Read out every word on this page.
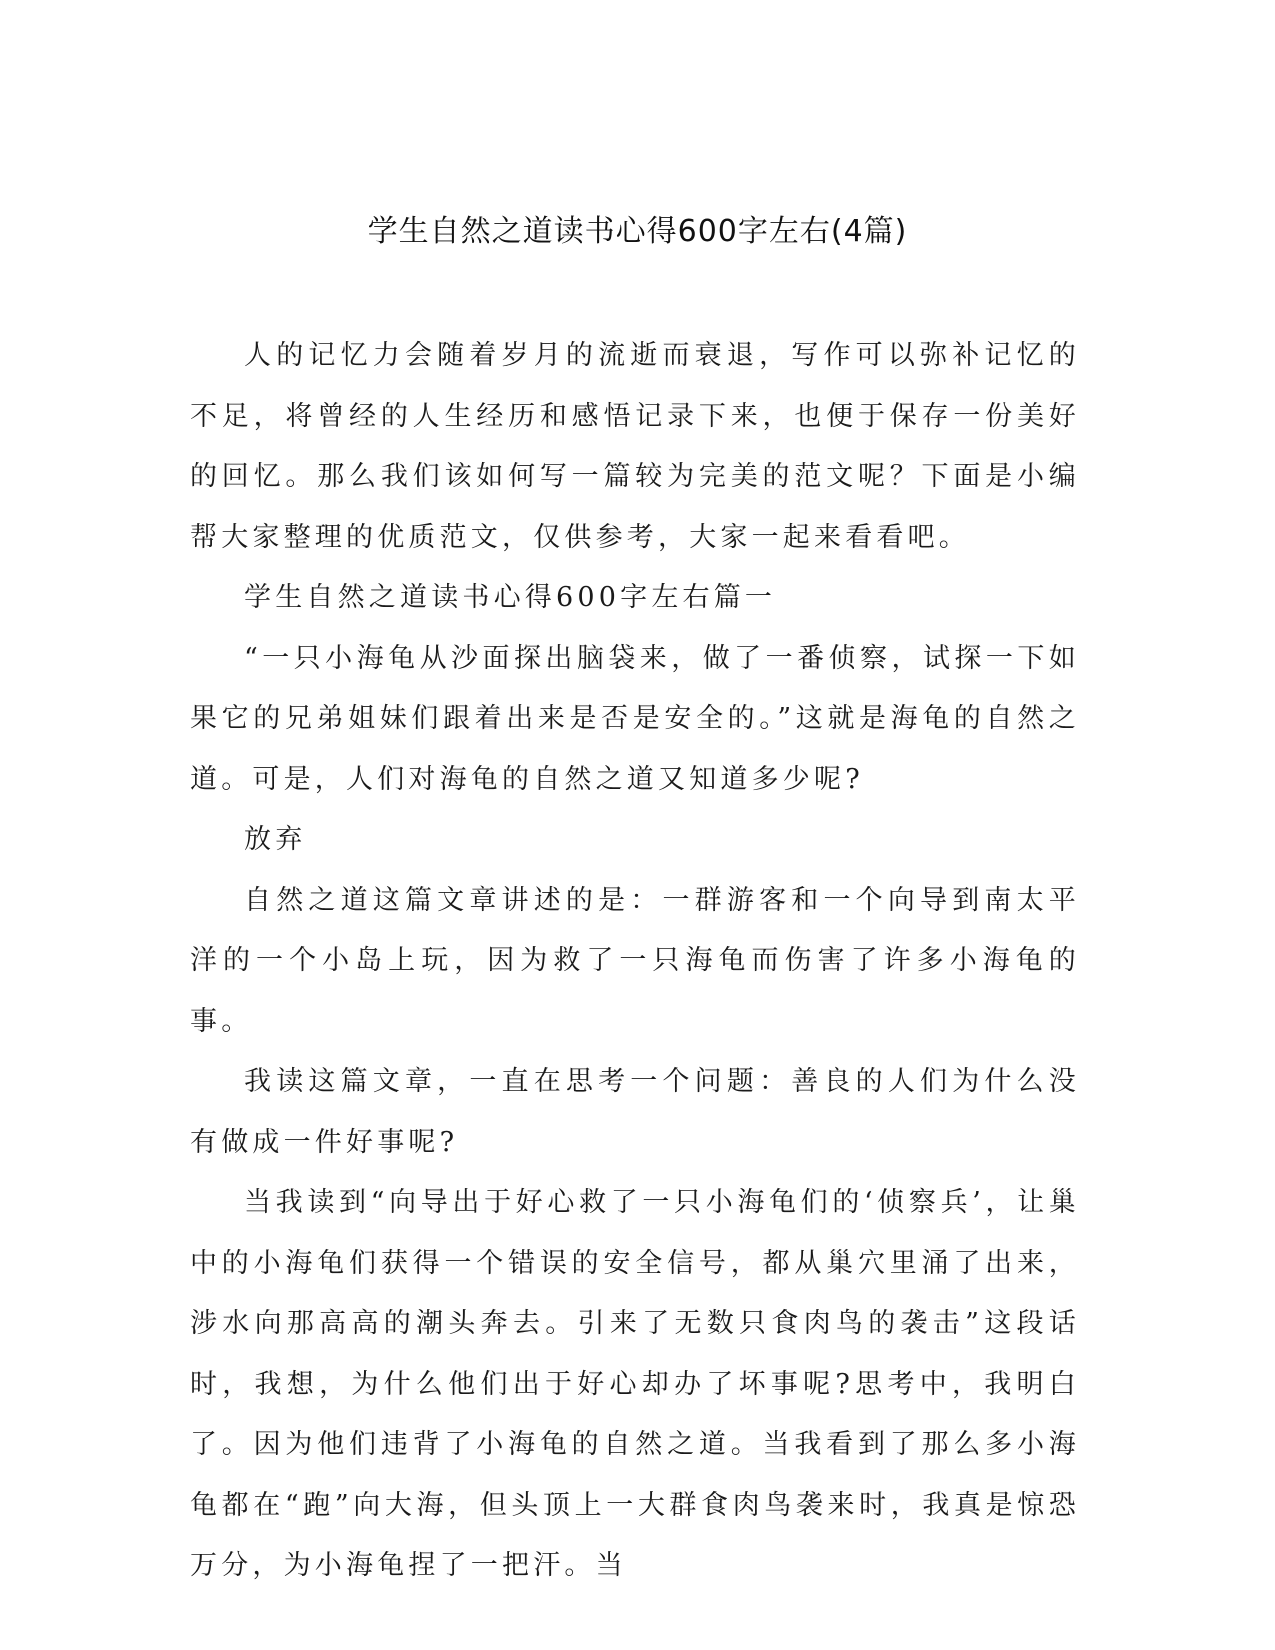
学生自然之道读书心得600字左右(4篇)

人的记忆力会随着岁月的流逝而衰退，写作可以弥补记忆的不足，将曾经的人生经历和感悟记录下来，也便于保存一份美好的回忆。那么我们该如何写一篇较为完美的范文呢？下面是小编帮大家整理的优质范文，仅供参考，大家一起来看看吧。

学生自然之道读书心得600字左右篇一

“一只小海龟从沙面探出脑袋来，做了一番侦察，试探一下如果它的兄弟姐妹们跟着出来是否是安全的。”这就是海龟的自然之道。可是，人们对海龟的自然之道又知道多少呢?

放弃

自然之道这篇文章讲述的是：一群游客和一个向导到南太平洋的一个小岛上玩，因为救了一只海龟而伤害了许多小海龟的事。

我读这篇文章，一直在思考一个问题：善良的人们为什么没有做成一件好事呢?

当我读到“向导出于好心救了一只小海龟们的‘侦察兵’，让巢中的小海龟们获得一个错误的安全信号，都从巢穴里涌了出来，涉水向那高高的潮头奔去。引来了无数只食肉鸟的袭击”这段话时，我想，为什么他们出于好心却办了坏事呢?思考中，我明白了。因为他们违背了小海龟的自然之道。当我看到了那么多小海龟都在“跑”向大海，但头顶上一大群食肉鸟袭来时，我真是惊恐万分，为小海龟捏了一把汗。当
